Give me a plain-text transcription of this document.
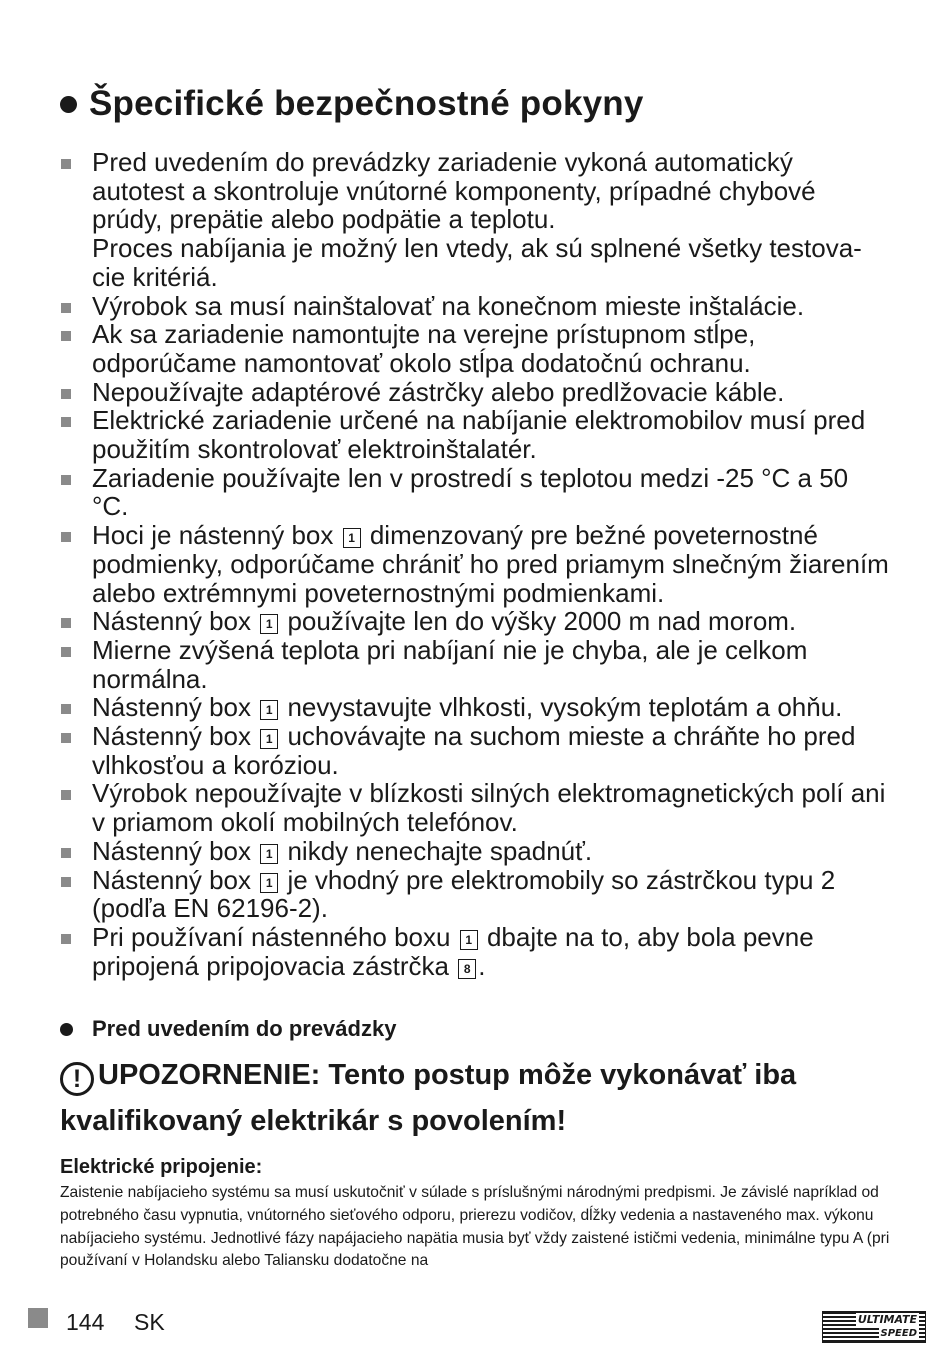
Špecifické bezpečnostné pokyny
Pred uvedením do prevádzky zariadenie vykoná automatický autotest a skontroluje vnútorné komponenty, prípadné chybové prúdy, prepätie alebo podpätie a teplotu.
Proces nabíjania je možný len vtedy, ak sú splnené všetky testova-cie kritériá.
Výrobok sa musí nainštalovať na konečnom mieste inštalácie.
Ak sa zariadenie namontujte na verejne prístupnom stĺpe, odporúčame namontovať okolo stĺpa dodatočnú ochranu.
Nepoužívajte adaptérové zástrčky alebo predlžovacie káble.
Elektrické zariadenie určené na nabíjanie elektromobilov musí pred použitím skontrolovať elektroinštalatér.
Zariadenie používajte len v prostredí s teplotou medzi -25 °C a 50 °C.
Hoci je nástenný box 1 dimenzovaný pre bežné poveternostné podmienky, odporúčame chrániť ho pred priamym slnečným žiarením alebo extrémnymi poveternostnými podmienkami.
Nástenný box 1 používajte len do výšky 2000 m nad morom.
Mierne zvýšená teplota pri nabíjaní nie je chyba, ale je celkom normálna.
Nástenný box 1 nevystavujte vlhkosti, vysokým teplotám a ohňu.
Nástenný box 1 uchovávajte na suchom mieste a chráňte ho pred vlhkosťou a koróziou.
Výrobok nepoužívajte v blízkosti silných elektromagnetických polí ani v priamom okolí mobilných telefónov.
Nástenný box 1 nikdy nenechajte spadnúť.
Nástenný box 1 je vhodný pre elektromobily so zástrčkou typu 2 (podľa EN 62196-2).
Pri používaní nástenného boxu 1 dbajte na to, aby bola pevne pripojená pripojovacia zástrčka 8 .
Pred uvedením do prevádzky

! UPOZORNENIE: Tento postup môže vykonávať iba kvalifikovaný elektrikár s povolením!

Elektrické pripojenie:

Zaistenie nabíjacieho systému sa musí uskutočniť v súlade s príslušnými národnými predpismi. Je závislé napríklad od potrebného času vypnutia, vnútorného sieťového odporu, prierezu vodičov, dĺžky vedenia a nastaveného max. výkonu nabíjacieho systému. Jednotlivé fázy napájacieho napätia musia byť vždy zaistené ističmi vedenia, minimálne typu A (pri používaní v Holandsku alebo Taliansku dodatočne na

144 SK	ULTIMATE
SPEED
